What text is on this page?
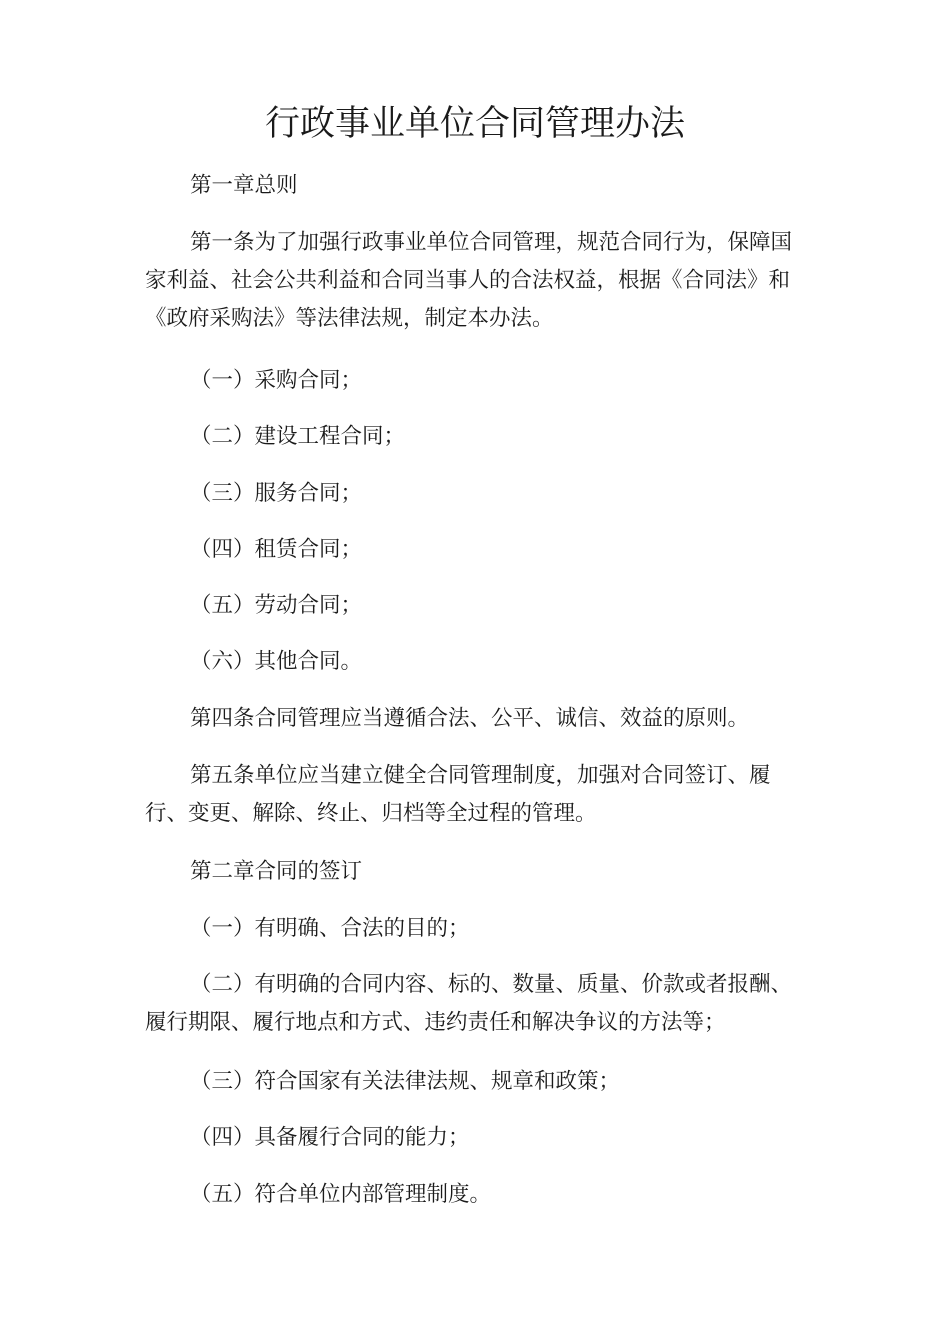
行政事业单位合同管理办法
第一章总则
第一条为了加强行政事业单位合同管理，规范合同行为，保障国家利益、社会公共利益和合同当事人的合法权益，根据《合同法》和《政府采购法》等法律法规，制定本办法。
（一）采购合同；
（二）建设工程合同；
（三）服务合同；
（四）租赁合同；
（五）劳动合同；
（六）其他合同。
第四条合同管理应当遵循合法、公平、诚信、效益的原则。
第五条单位应当建立健全合同管理制度，加强对合同签订、履行、变更、解除、终止、归档等全过程的管理。
第二章合同的签订
（一）有明确、合法的目的；
（二）有明确的合同内容、标的、数量、质量、价款或者报酬、履行期限、履行地点和方式、违约责任和解决争议的方法等；
（三）符合国家有关法律法规、规章和政策；
（四）具备履行合同的能力；
（五）符合单位内部管理制度。
